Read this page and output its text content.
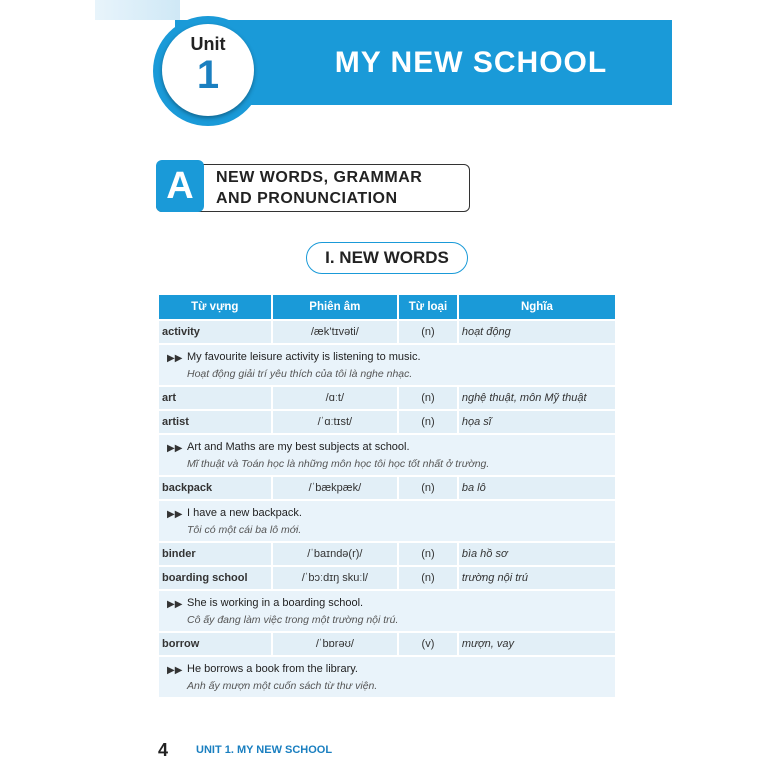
MY NEW SCHOOL
Unit
1
A	NEW WORDS, GRAMMAR
AND PRONUNCIATION
I. NEW WORDS
Từ vựng	Phiên âm	Từ loại	Nghĩa
activity	/æk’tɪvəti/	(n)	hoạt động

▶▶ My favourite leisure activity is listening to music.
Hoạt động giải trí yêu thích của tôi là nghe nhạc.			

art	/ɑːt/	(n)	nghệ thuật, môn Mỹ thuật
artist	/ˈɑːtɪst/	(n)	họa sĩ

▶▶ Art and Maths are my best subjects at school.
Mĩ thuật và Toán học là những môn học tôi học tốt nhất ở trường.			

backpack	/ˈbækpæk/	(n)	ba lô

▶▶ I have a new backpack.
Tôi có một cái ba lô mới.			

binder	/ˈbaɪndə(r)/	(n)	bìa hồ sơ
boarding school	/ˈbɔːdɪŋ skuːl/	(n)	trường nội trú

▶▶ She is working in a boarding school.
Cô ấy đang làm việc trong một trường nội trú.			

borrow	/ˈbɒrəʊ/	(v)	mượn, vay

▶▶ He borrows a book from the library.
Anh ấy mượn một cuốn sách từ thư viện.			
4	UNIT 1. MY NEW SCHOOL
